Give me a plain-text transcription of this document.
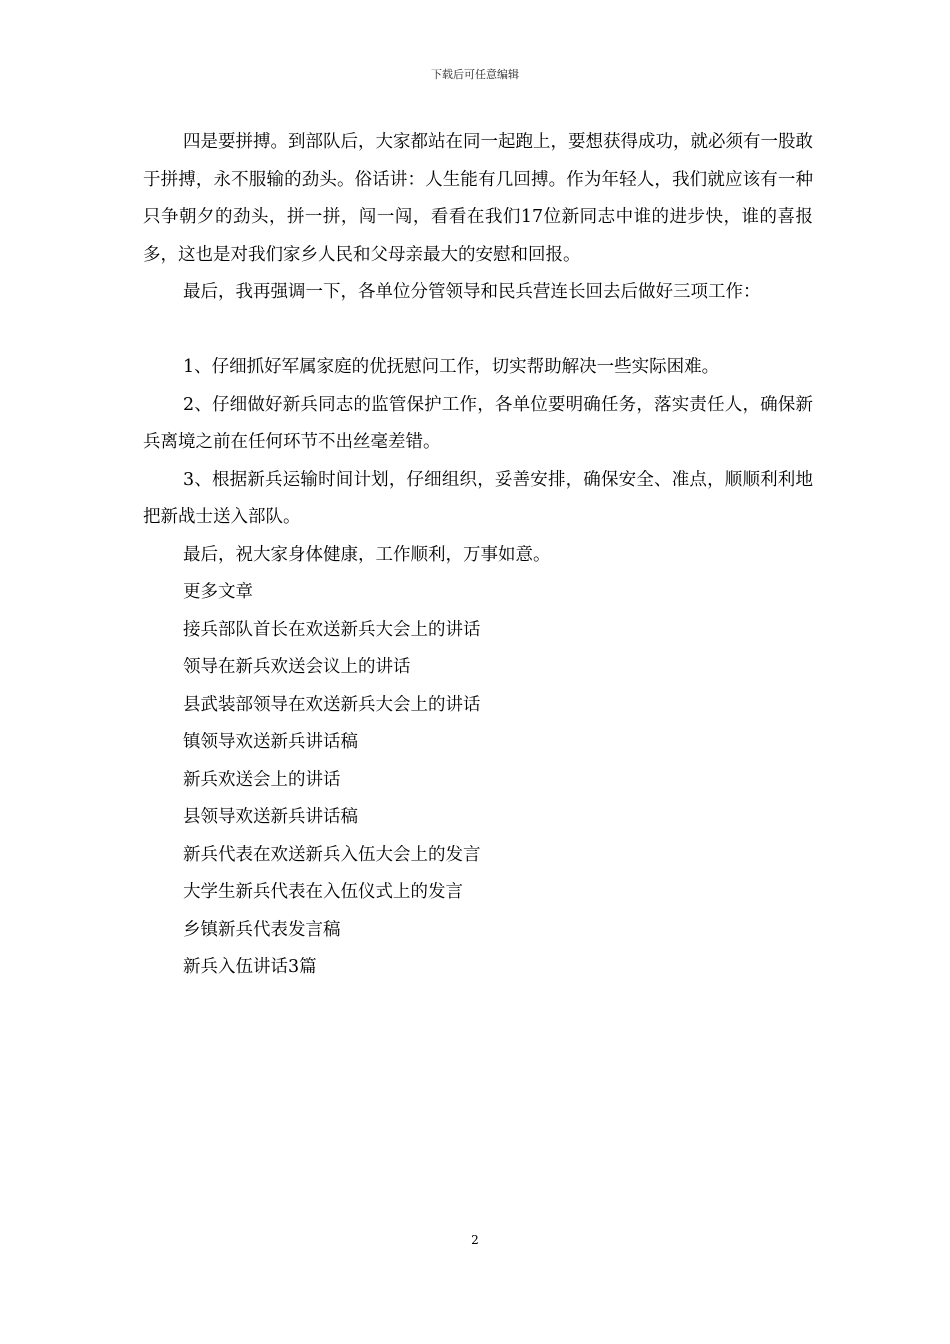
下载后可任意编辑

四是要拼搏。到部队后，大家都站在同一起跑上，要想获得成功，就必须有一股敢于拼搏，永不服输的劲头。俗话讲：人生能有几回搏。作为年轻人，我们就应该有一种只争朝夕的劲头，拼一拼，闯一闯，看看在我们17位新同志中谁的进步快，谁的喜报多，这也是对我们家乡人民和父母亲最大的安慰和回报。

最后，我再强调一下，各单位分管领导和民兵营连长回去后做好三项工作：

1、仔细抓好军属家庭的优抚慰问工作，切实帮助解决一些实际困难。

2、仔细做好新兵同志的监管保护工作，各单位要明确任务，落实责任人，确保新兵离境之前在任何环节不出丝毫差错。

3、根据新兵运输时间计划，仔细组织，妥善安排，确保安全、准点，顺顺利利地把新战士送入部队。

最后，祝大家身体健康，工作顺利，万事如意。

更多文章

接兵部队首长在欢送新兵大会上的讲话
领导在新兵欢送会议上的讲话
县武装部领导在欢送新兵大会上的讲话
镇领导欢送新兵讲话稿
新兵欢送会上的讲话
县领导欢送新兵讲话稿
新兵代表在欢送新兵入伍大会上的发言
大学生新兵代表在入伍仪式上的发言
乡镇新兵代表发言稿
新兵入伍讲话3篇
2
